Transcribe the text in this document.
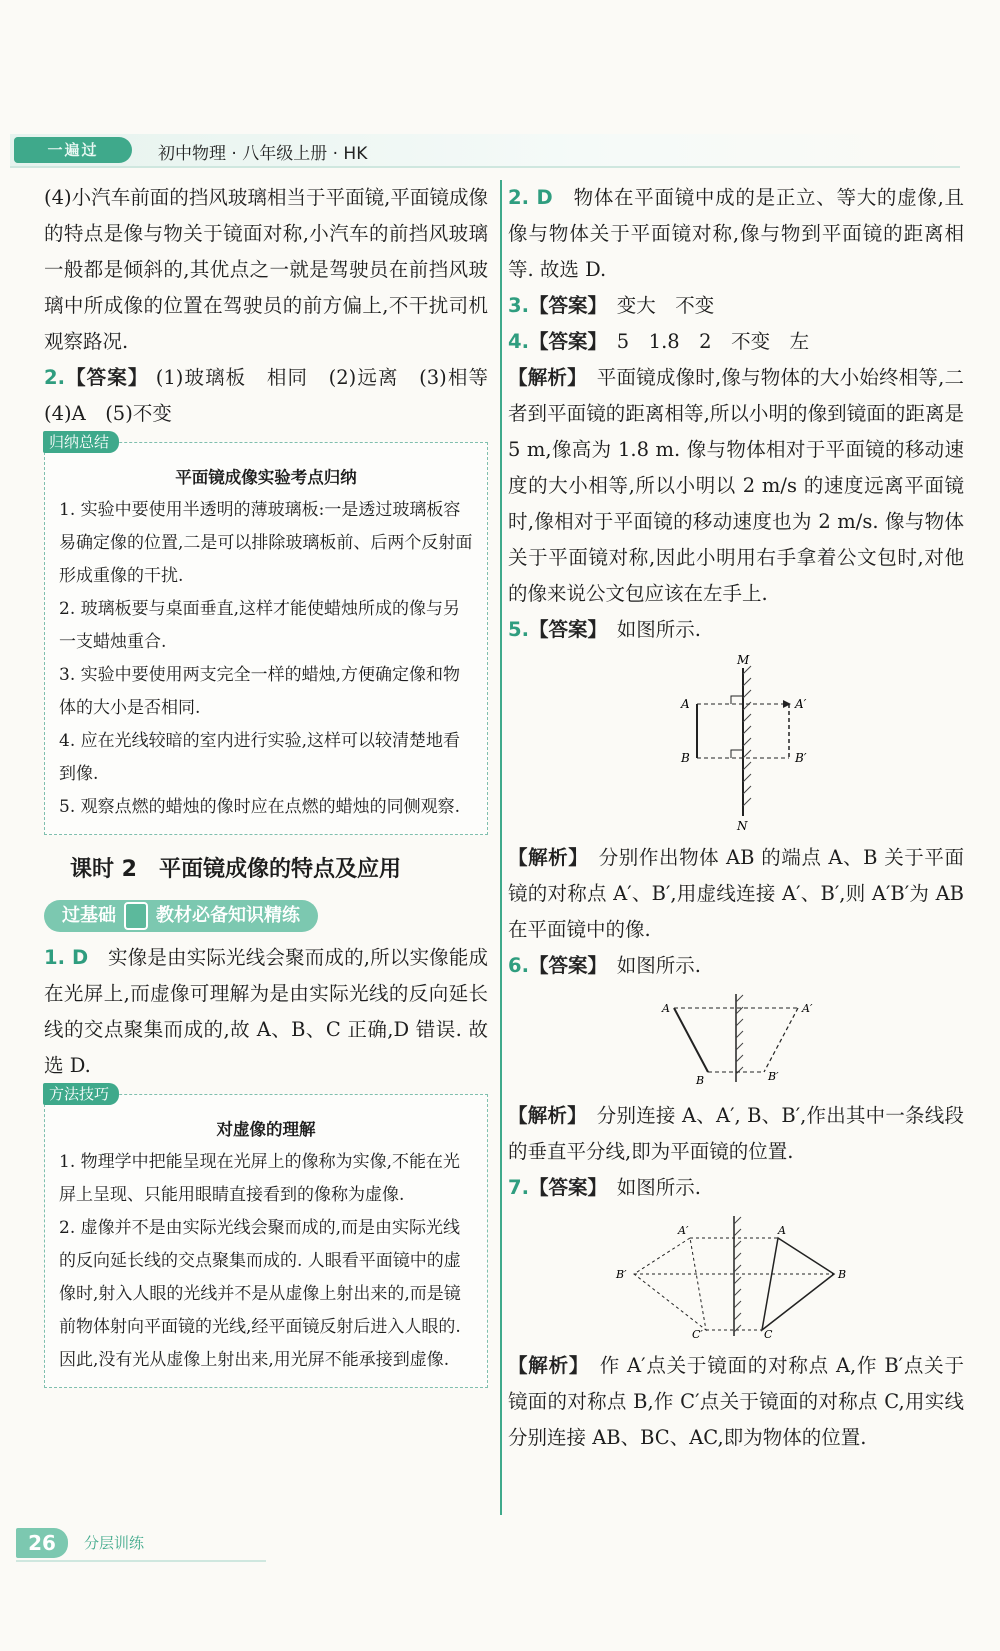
一遍过	初中物理 · 八年级上册 · HK

(4)小汽车前面的挡风玻璃相当于平面镜,平面镜成像的特点是像与物关于镜面对称,小汽车的前挡风玻璃一般都是倾斜的,其优点之一就是驾驶员在前挡风玻璃中所成像的位置在驾驶员的前方偏上,不干扰司机观察路况.

2.【答案】 (1)玻璃板　相同　(2)远离　(3)相等　(4)A　(5)不变

归纳总结
平面镜成像实验考点归纳
1. 实验中要使用半透明的薄玻璃板:一是透过玻璃板容易确定像的位置,二是可以排除玻璃板前、后两个反射面形成重像的干扰.
2. 玻璃板要与桌面垂直,这样才能使蜡烛所成的像与另一支蜡烛重合.
3. 实验中要使用两支完全一样的蜡烛,方便确定像和物体的大小是否相同.
4. 应在光线较暗的室内进行实验,这样可以较清楚地看到像.
5. 观察点燃的蜡烛的像时应在点燃的蜡烛的同侧观察.
课时 2　平面镜成像的特点及应用
过基础 教材必备知识精练

1. D　实像是由实际光线会聚而成的,所以实像能成在光屏上,而虚像可理解为是由实际光线的反向延长线的交点聚集而成的,故 A、B、C 正确,D 错误. 故选 D.

方法技巧
对虚像的理解
1. 物理学中把能呈现在光屏上的像称为实像,不能在光屏上呈现、只能用眼睛直接看到的像称为虚像.
2. 虚像并不是由实际光线会聚而成的,而是由实际光线的反向延长线的交点聚集而成的. 人眼看平面镜中的虚像时,射入人眼的光线并不是从虚像上射出来的,而是镜前物体射向平面镜的光线,经平面镜反射后进入人眼的. 因此,没有光从虚像上射出来,用光屏不能承接到虚像.

2. D　物体在平面镜中成的是正立、等大的虚像,且像与物体关于平面镜对称,像与物到平面镜的距离相等. 故选 D.

3.【答案】　变大　不变

4.【答案】　5　1.8　2　不变　左

【解析】　平面镜成像时,像与物体的大小始终相等,二者到平面镜的距离相等,所以小明的像到镜面的距离是 5 m,像高为 1.8 m. 像与物体相对于平面镜的移动速度的大小相等,所以小明以 2 m/s 的速度远离平面镜时,像相对于平面镜的移动速度也为 2 m/s. 像与物体关于平面镜对称,因此小明用右手拿着公文包时,对他的像来说公文包应该在左手上.

5.【答案】　如图所示.

M
N
A	A′
B	B′

【解析】　分别作出物体 AB 的端点 A、B 关于平面镜的对称点 A′、B′,用虚线连接 A′、B′,则 A′B′为 AB 在平面镜中的像.

6.【答案】　如图所示.

A	A′
B	B′

【解析】　分别连接 A、A′, B、B′,作出其中一条线段的垂直平分线,即为平面镜的位置.

7.【答案】　如图所示.

A′	A
B′	B
C′	C

【解析】　作 A′点关于镜面的对称点 A,作 B′点关于镜面的对称点 B,作 C′点关于镜面的对称点 C,用实线分别连接 AB、BC、AC,即为物体的位置.

26	分层训练
